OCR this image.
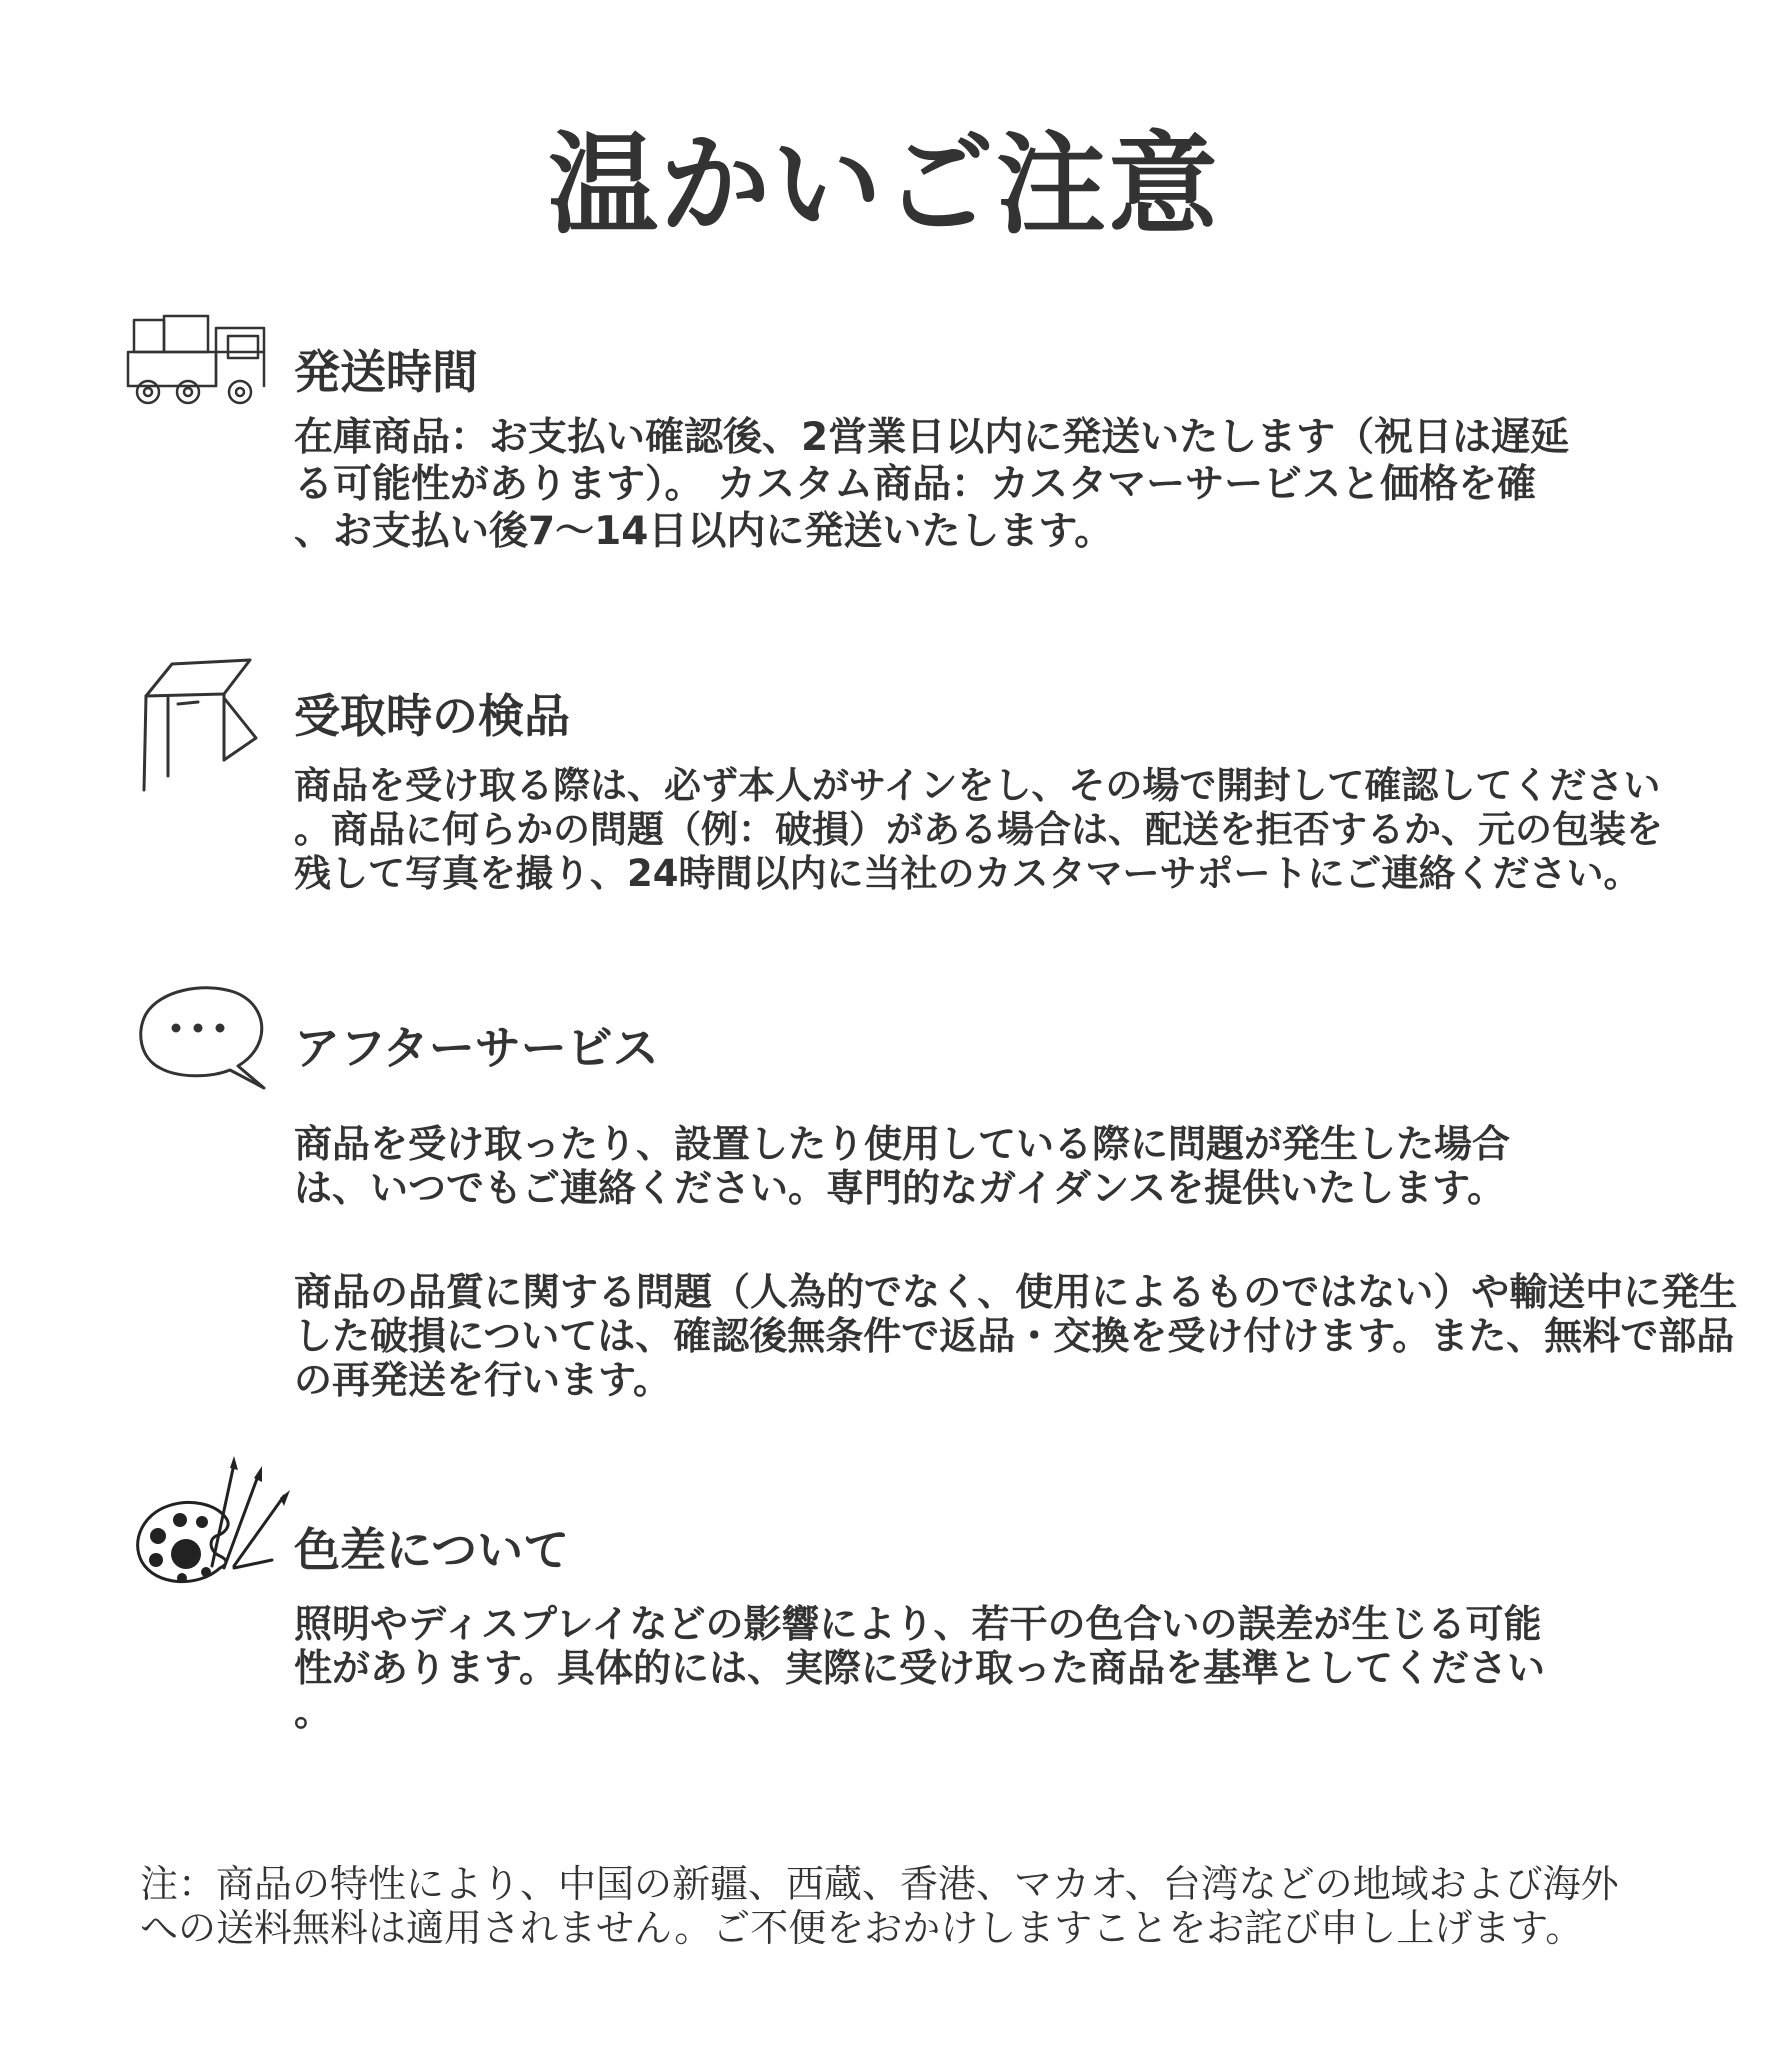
温かいご注意
発送時間
在庫商品：お支払い確認後、2営業日以内に発送いたします（祝日は遅延
る可能性があります）。 カスタム商品：カスタマーサービスと価格を確
、お支払い後7〜14日以内に発送いたします。
受取時の検品
商品を受け取る際は、必ず本人がサインをし、その場で開封して確認してください
。商品に何らかの問題（例：破損）がある場合は、配送を拒否するか、元の包装を
残して写真を撮り、24時間以内に当社のカスタマーサポートにご連絡ください。
アフターサービス
商品を受け取ったり、設置したり使用している際に問題が発生した場合
は、いつでもご連絡ください。専門的なガイダンスを提供いたします。
商品の品質に関する問題（人為的でなく、使用によるものではない）や輸送中に発生
した破損については、確認後無条件で返品・交換を受け付けます。また、無料で部品
の再発送を行います。
色差について
照明やディスプレイなどの影響により、若干の色合いの誤差が生じる可能
性があります。具体的には、実際に受け取った商品を基準としてください
。
注：商品の特性により、中国の新疆、西蔵、香港、マカオ、台湾などの地域および海外
への送料無料は適用されません。ご不便をおかけしますことをお詫び申し上げます。
